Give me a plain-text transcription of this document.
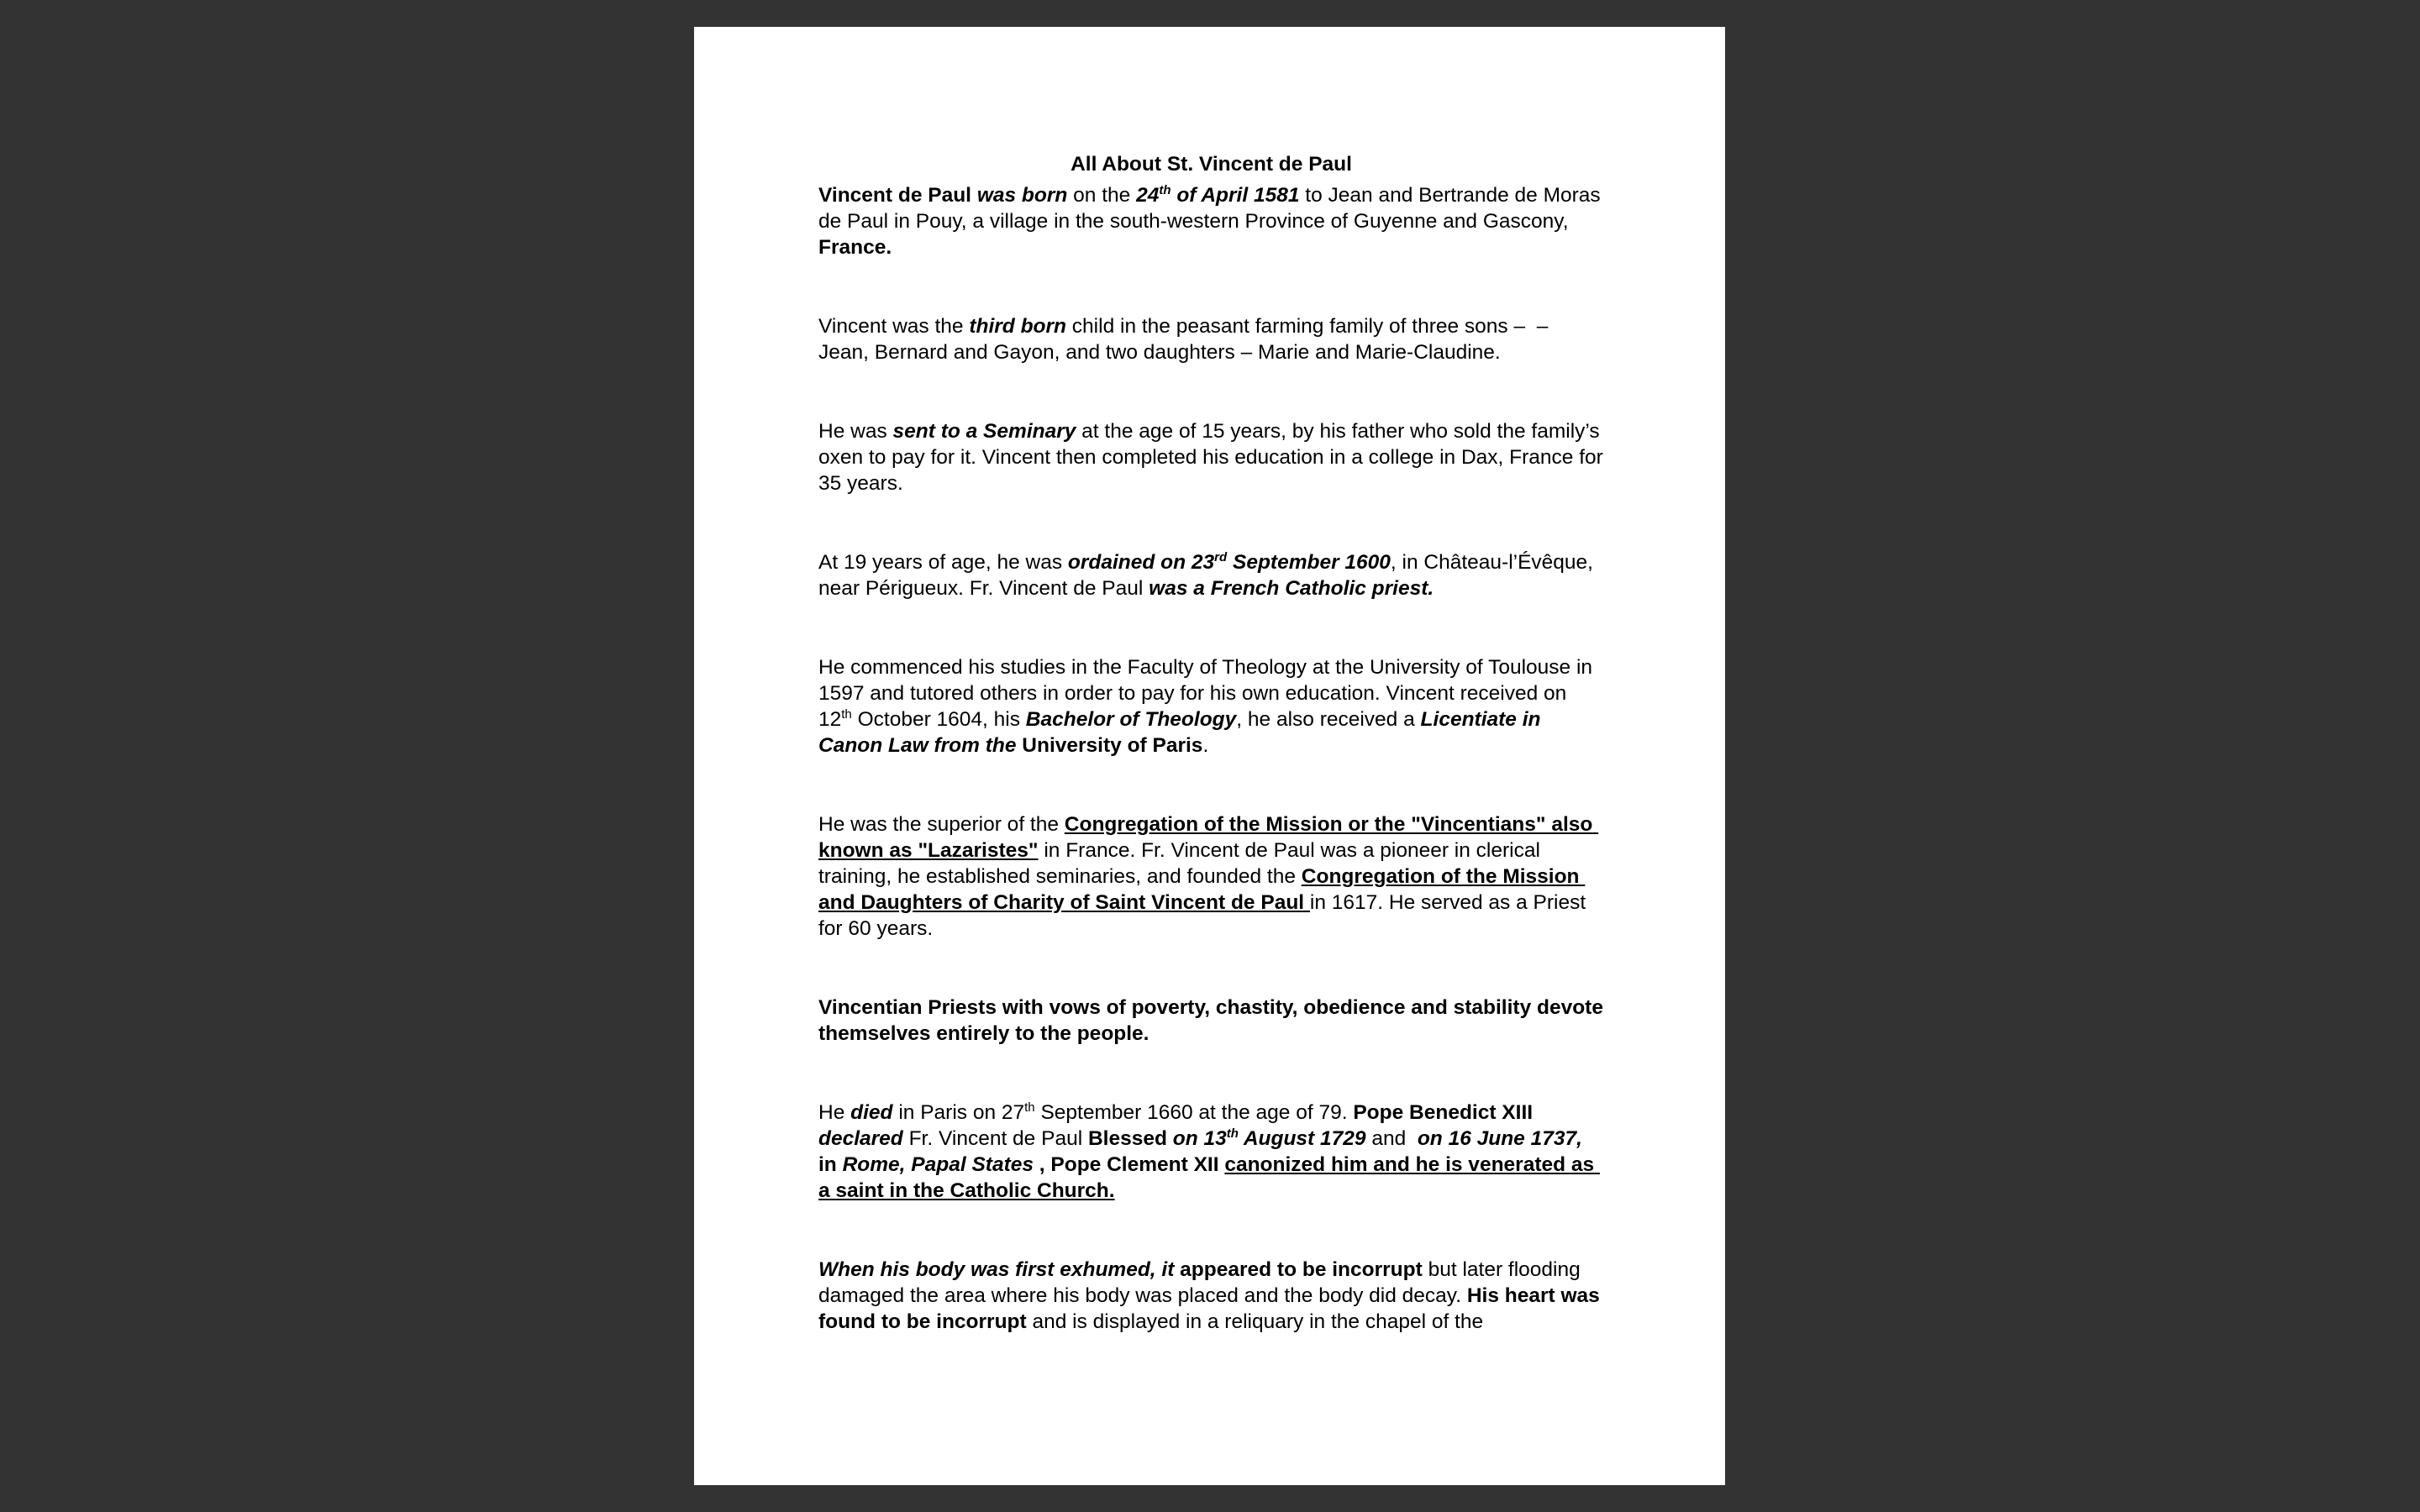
All About St. Vincent de Paul

Vincent de Paul was born on the 24th of April 1581 to Jean and Bertrande de Moras de Paul in Pouy, a village in the south-western Province of Guyenne and Gascony, France.

Vincent was the third born child in the peasant farming family of three sons –  – Jean, Bernard and Gayon, and two daughters – Marie and Marie-Claudine.

He was sent to a Seminary at the age of 15 years, by his father who sold the family’s oxen to pay for it. Vincent then completed his education in a college in Dax, France for 35 years.

At 19 years of age, he was ordained on 23rd September 1600, in Château-l’Évêque, near Périgueux. Fr. Vincent de Paul was a French Catholic priest.

He commenced his studies in the Faculty of Theology at the University of Toulouse in 1597 and tutored others in order to pay for his own education. Vincent received on 12th October 1604, his Bachelor of Theology, he also received a Licentiate in Canon Law from the University of Paris.

He was the superior of the Congregation of the Mission or the "Vincentians" also known as "Lazaristes" in France. Fr. Vincent de Paul was a pioneer in clerical training, he established seminaries, and founded the Congregation of the Mission and Daughters of Charity of Saint Vincent de Paul in 1617. He served as a Priest for 60 years.

Vincentian Priests with vows of poverty, chastity, obedience and stability devote themselves entirely to the people.

He died in Paris on 27th September 1660 at the age of 79. Pope Benedict XIII declared Fr. Vincent de Paul Blessed on 13th August 1729 and  on 16 June 1737, in Rome, Papal States , Pope Clement XII canonized him and he is venerated as a saint in the Catholic Church.

When his body was first exhumed, it appeared to be incorrupt but later flooding damaged the area where his body was placed and the body did decay. His heart was found to be incorrupt and is displayed in a reliquary in the chapel of the
